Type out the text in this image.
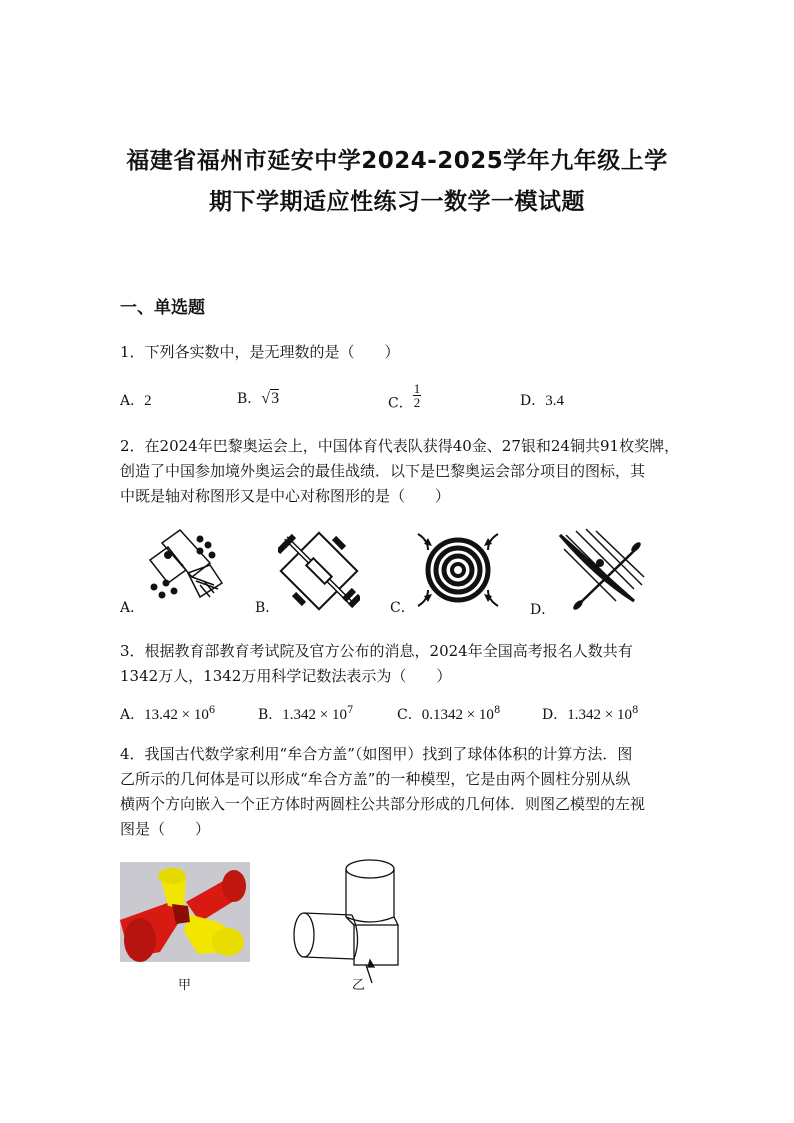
福建省福州市延安中学2024-2025学年九年级上学
期下学期适应性练习一数学一模试题
一、单选题
1．下列各实数中，是无理数的是（　　）
A．2	B．√3	C． $\frac{1}{2}$	D．3.4
2．在2024年巴黎奥运会上，中国体育代表队获得40金、27银和24铜共91枚奖牌，
创造了中国参加境外奥运会的最佳战绩．以下是巴黎奥运会部分项目的图标，其
中既是轴对称图形又是中心对称图形的是（　　）
A．	B．	C．	D．
3．根据教育部教育考试院及官方公布的消息，2024年全国高考报名人数共有
1342万人，1342万用科学记数法表示为（　　）
A．$13.42 \times 10^6$	B．$1.342 \times 10^7$	C．$0.1342 \times 10^8$	D．$1.342 \times 10^8$
4．我国古代数学家利用“牟合方盖”（如图甲）找到了球体体积的计算方法．图
乙所示的几何体是可以形成“牟合方盖”的一种模型，它是由两个圆柱分别从纵
横两个方向嵌入一个正方体时两圆柱公共部分形成的几何体．则图乙模型的左视
图是（　　）
甲	乙
